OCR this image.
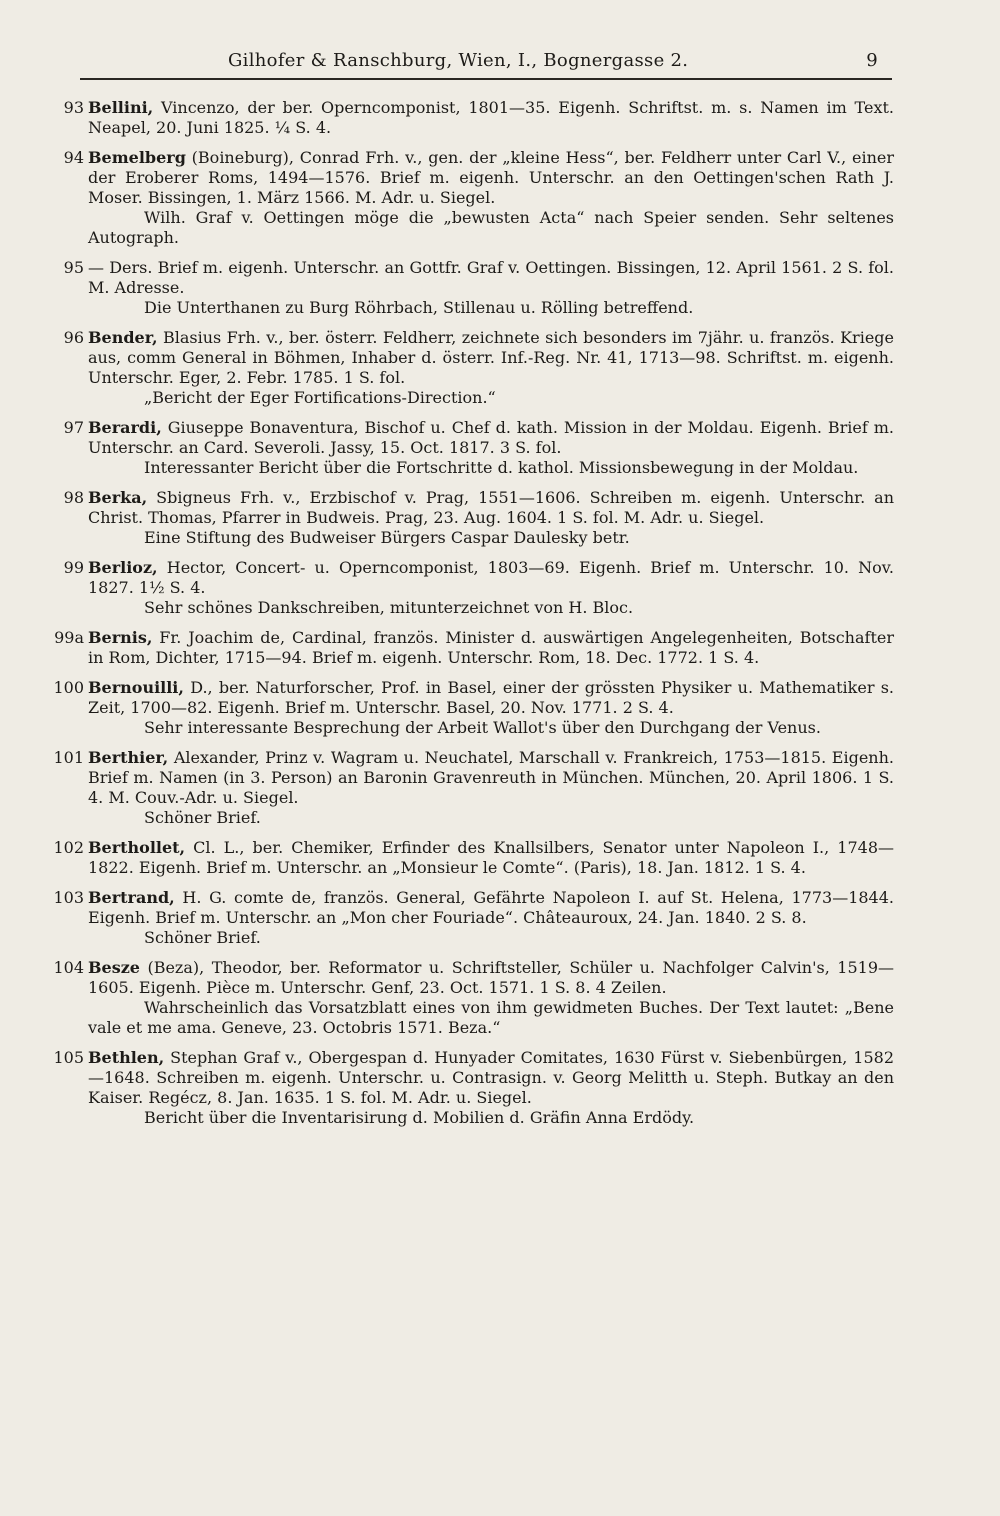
Gilhofer & Ranschburg, Wien, I., Bognergasse 2.	9
93 Bellini, Vincenzo, der ber. Operncomponist, 1801—35. Eigenh. Schriftst. m. s. Namen im Text. Neapel, 20. Juni 1825. ¼ S. 4.
94 Bemelberg (Boineburg), Conrad Frh. v., gen. der „kleine Hess“, ber. Feldherr unter Carl V., einer der Eroberer Roms, 1494—1576. Brief m. eigenh. Unterschr. an den Oettingen'schen Rath J. Moser. Bissingen, 1. März 1566. M. Adr. u. Siegel.
Wilh. Graf v. Oettingen möge die „bewusten Acta“ nach Speier senden. Sehr seltenes Autograph.
95 — Ders. Brief m. eigenh. Unterschr. an Gottfr. Graf v. Oettingen. Bissingen, 12. April 1561. 2 S. fol. M. Adresse.
Die Unterthanen zu Burg Röhrbach, Stillenau u. Rölling betreffend.
96 Bender, Blasius Frh. v., ber. österr. Feldherr, zeichnete sich besonders im 7jähr. u. französ. Kriege aus, comm General in Böhmen, Inhaber d. österr. Inf.-Reg. Nr. 41, 1713—98. Schriftst. m. eigenh. Unterschr. Eger, 2. Febr. 1785. 1 S. fol.
„Bericht der Eger Fortifications-Direction.“
97 Berardi, Giuseppe Bonaventura, Bischof u. Chef d. kath. Mission in der Moldau. Eigenh. Brief m. Unterschr. an Card. Severoli. Jassy, 15. Oct. 1817. 3 S. fol.
Interessanter Bericht über die Fortschritte d. kathol. Missionsbewegung in der Moldau.
98 Berka, Sbigneus Frh. v., Erzbischof v. Prag, 1551—1606. Schreiben m. eigenh. Unterschr. an Christ. Thomas, Pfarrer in Budweis. Prag, 23. Aug. 1604. 1 S. fol. M. Adr. u. Siegel.
Eine Stiftung des Budweiser Bürgers Caspar Daulesky betr.
99 Berlioz, Hector, Concert- u. Operncomponist, 1803—69. Eigenh. Brief m. Unterschr. 10. Nov. 1827. 1½ S. 4.
Sehr schönes Dankschreiben, mitunterzeichnet von H. Bloc.
99a Bernis, Fr. Joachim de, Cardinal, französ. Minister d. auswärtigen Angelegenheiten, Botschafter in Rom, Dichter, 1715—94. Brief m. eigenh. Unterschr. Rom, 18. Dec. 1772. 1 S. 4.
100 Bernouilli, D., ber. Naturforscher, Prof. in Basel, einer der grössten Physiker u. Mathematiker s. Zeit, 1700—82. Eigenh. Brief m. Unterschr. Basel, 20. Nov. 1771. 2 S. 4.
Sehr interessante Besprechung der Arbeit Wallot's über den Durchgang der Venus.
101 Berthier, Alexander, Prinz v. Wagram u. Neuchatel, Marschall v. Frankreich, 1753—1815. Eigenh. Brief m. Namen (in 3. Person) an Baronin Gravenreuth in München. München, 20. April 1806. 1 S. 4. M. Couv.-Adr. u. Siegel.
Schöner Brief.
102 Berthollet, Cl. L., ber. Chemiker, Erfinder des Knallsilbers, Senator unter Napoleon I., 1748—1822. Eigenh. Brief m. Unterschr. an „Monsieur le Comte“. (Paris), 18. Jan. 1812. 1 S. 4.
103 Bertrand, H. G. comte de, französ. General, Gefährte Napoleon I. auf St. Helena, 1773—1844. Eigenh. Brief m. Unterschr. an „Mon cher Fouriade“. Châteauroux, 24. Jan. 1840. 2 S. 8.
Schöner Brief.
104 Besze (Beza), Theodor, ber. Reformator u. Schriftsteller, Schüler u. Nachfolger Calvin's, 1519—1605. Eigenh. Pièce m. Unterschr. Genf, 23. Oct. 1571. 1 S. 8. 4 Zeilen.
Wahrscheinlich das Vorsatzblatt eines von ihm gewidmeten Buches. Der Text lautet: „Bene vale et me ama. Geneve, 23. Octobris 1571. Beza.“
105 Bethlen, Stephan Graf v., Obergespan d. Hunyader Comitates, 1630 Fürst v. Siebenbürgen, 1582—1648. Schreiben m. eigenh. Unterschr. u. Contrasign. v. Georg Melitth u. Steph. Butkay an den Kaiser. Regécz, 8. Jan. 1635. 1 S. fol. M. Adr. u. Siegel.
Bericht über die Inventarisirung d. Mobilien d. Gräfin Anna Erdödy.
